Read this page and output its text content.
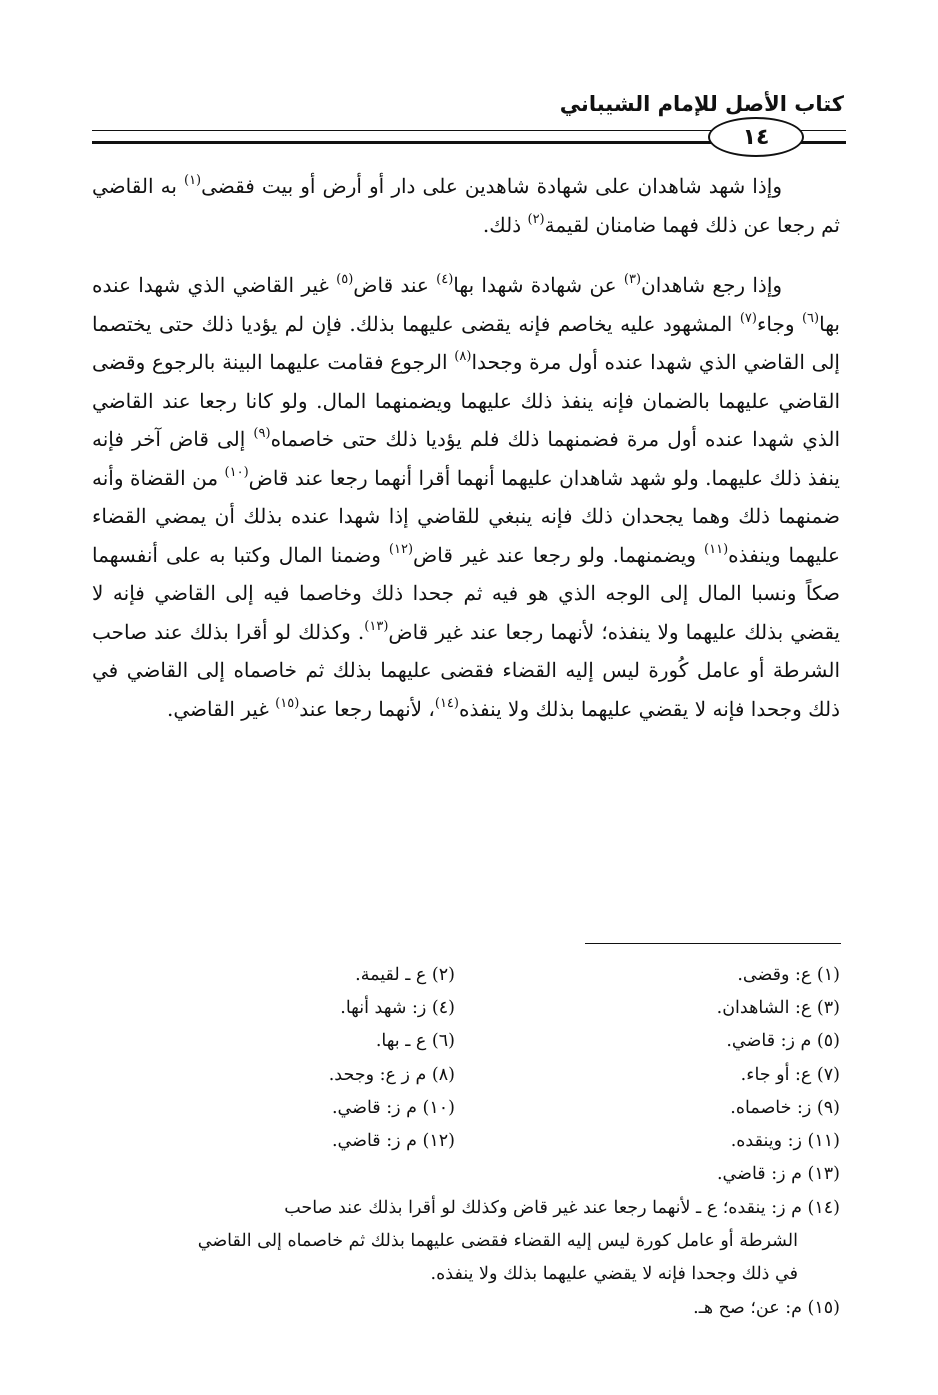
كتاب الأصل للإمام الشيباني
١٤

وإذا شهد شاهدان على شهادة شاهدين على دار أو أرض أو بيت فقضى$^{(١)}$ به القاضي ثم رجعا عن ذلك فهما ضامنان لقيمة$^{(٢)}$ ذلك.

وإذا رجع شاهدان$^{(٣)}$ عن شهادة شهدا بها$^{(٤)}$ عند قاض$^{(٥)}$ غير القاضي الذي شهدا عنده بها$^{(٦)}$ وجاء$^{(٧)}$ المشهود عليه يخاصم فإنه يقضى عليهما بذلك. فإن لم يؤديا ذلك حتى يختصما إلى القاضي الذي شهدا عنده أول مرة وجحدا$^{(٨)}$ الرجوع فقامت عليهما البينة بالرجوع وقضى القاضي عليهما بالضمان فإنه ينفذ ذلك عليهما ويضمنهما المال. ولو كانا رجعا عند القاضي الذي شهدا عنده أول مرة فضمنهما ذلك فلم يؤديا ذلك حتى خاصماه$^{(٩)}$ إلى قاض آخر فإنه ينفذ ذلك عليهما. ولو شهد شاهدان عليهما أنهما أقرا أنهما رجعا عند قاض$^{(١٠)}$ من القضاة وأنه ضمنهما ذلك وهما يجحدان ذلك فإنه ينبغي للقاضي إذا شهدا عنده بذلك أن يمضي القضاء عليهما وينفذه$^{(١١)}$ ويضمنهما. ولو رجعا عند غير قاض$^{(١٢)}$ وضمنا المال وكتبا به على أنفسهما صكاً ونسبا المال إلى الوجه الذي هو فيه ثم جحدا ذلك وخاصما فيه إلى القاضي فإنه لا يقضي بذلك عليهما ولا ينفذه؛ لأنهما رجعا عند غير قاض$^{(١٣)}$. وكذلك لو أقرا بذلك عند صاحب الشرطة أو عامل كُورة ليس إليه القضاء فقضى عليهما بذلك ثم خاصماه إلى القاضي في ذلك وجحدا فإنه لا يقضي عليهما بذلك ولا ينفذه$^{(١٤)}$، لأنهما رجعا عند$^{(١٥)}$ غير القاضي.

(١) ع: وقضى.
(٢) ع ـ لقيمة.
(٣) ع: الشاهدان.
(٤) ز: شهد أنها.
(٥) م ز: قاضي.
(٦) ع ـ بها.
(٧) ع: أو جاء.
(٨) م ز ع: وجحد.
(٩) ز: خاصماه.
(١٠) م ز: قاضي.
(١١) ز: وينقده.
(١٢) م ز: قاضي.
(١٣) م ز: قاضي.
(١٤) م ز: ينقده؛ ع ـ لأنهما رجعا عند غير قاض وكذلك لو أقرا بذلك عند صاحب
الشرطة أو عامل كورة ليس إليه القضاء فقضى عليهما بذلك ثم خاصماه إلى القاضي
في ذلك وجحدا فإنه لا يقضي عليهما بذلك ولا ينفذه.
(١٥) م: عن؛ صح هـ.
